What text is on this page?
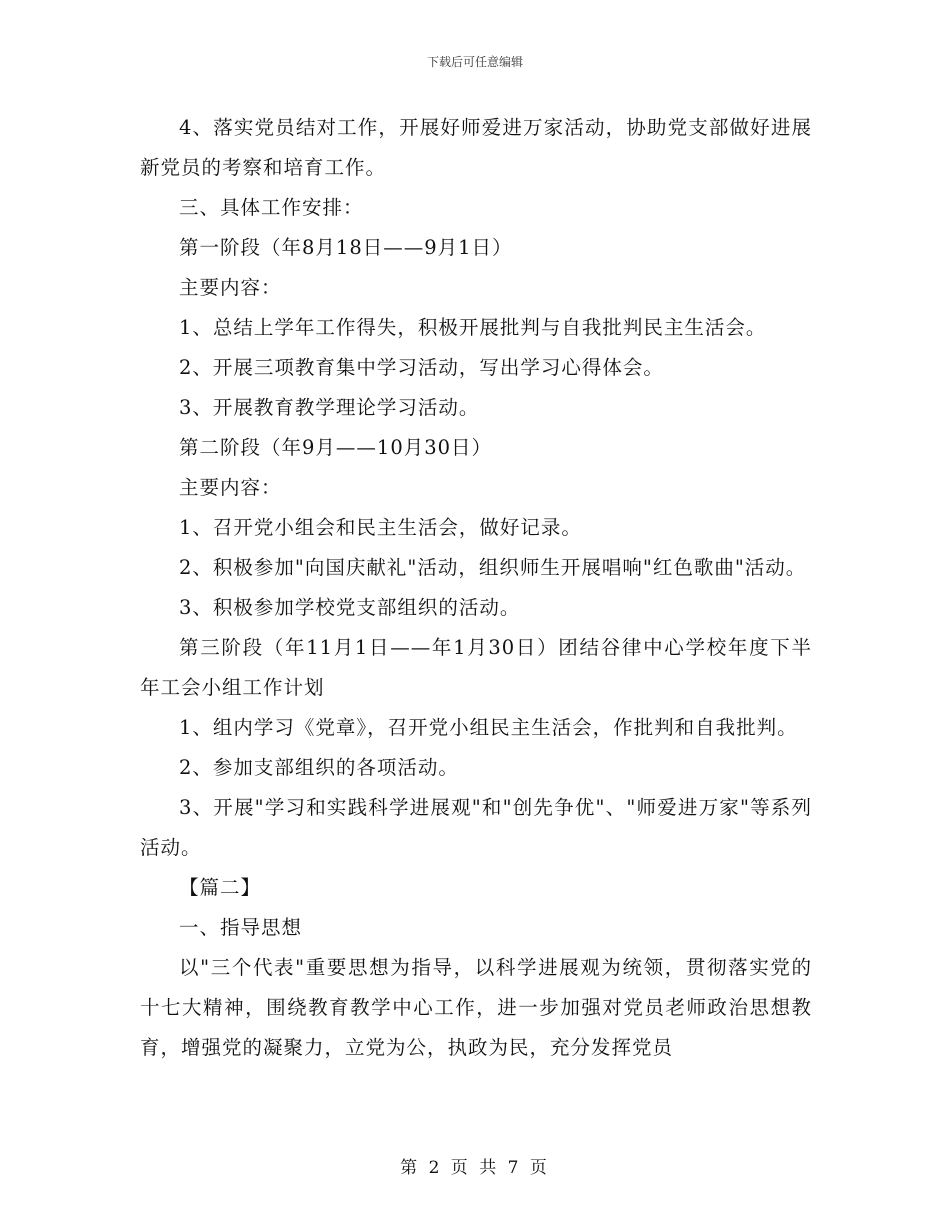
下载后可任意编辑

4、落实党员结对工作，开展好师爱进万家活动，协助党支部做好进展新党员的考察和培育工作。

三、具体工作安排：

第一阶段（年8月18日——9月1日）

主要内容：

1、总结上学年工作得失，积极开展批判与自我批判民主生活会。

2、开展三项教育集中学习活动，写出学习心得体会。

3、开展教育教学理论学习活动。

第二阶段（年9月——10月30日）

主要内容：

1、召开党小组会和民主生活会，做好记录。

2、积极参加"向国庆献礼"活动，组织师生开展唱响"红色歌曲"活动。

3、积极参加学校党支部组织的活动。

第三阶段（年11月1日——年1月30日）团结谷律中心学校年度下半年工会小组工作计划

1、组内学习《党章》，召开党小组民主生活会，作批判和自我批判。

2、参加支部组织的各项活动。

3、开展"学习和实践科学进展观"和"创先争优"、"师爱进万家"等系列活动。

【篇二】

一、指导思想

以"三个代表"重要思想为指导，以科学进展观为统领，贯彻落实党的十七大精神，围绕教育教学中心工作，进一步加强对党员老师政治思想教育，增强党的凝聚力，立党为公，执政为民，充分发挥党员

第 2 页 共 7 页
